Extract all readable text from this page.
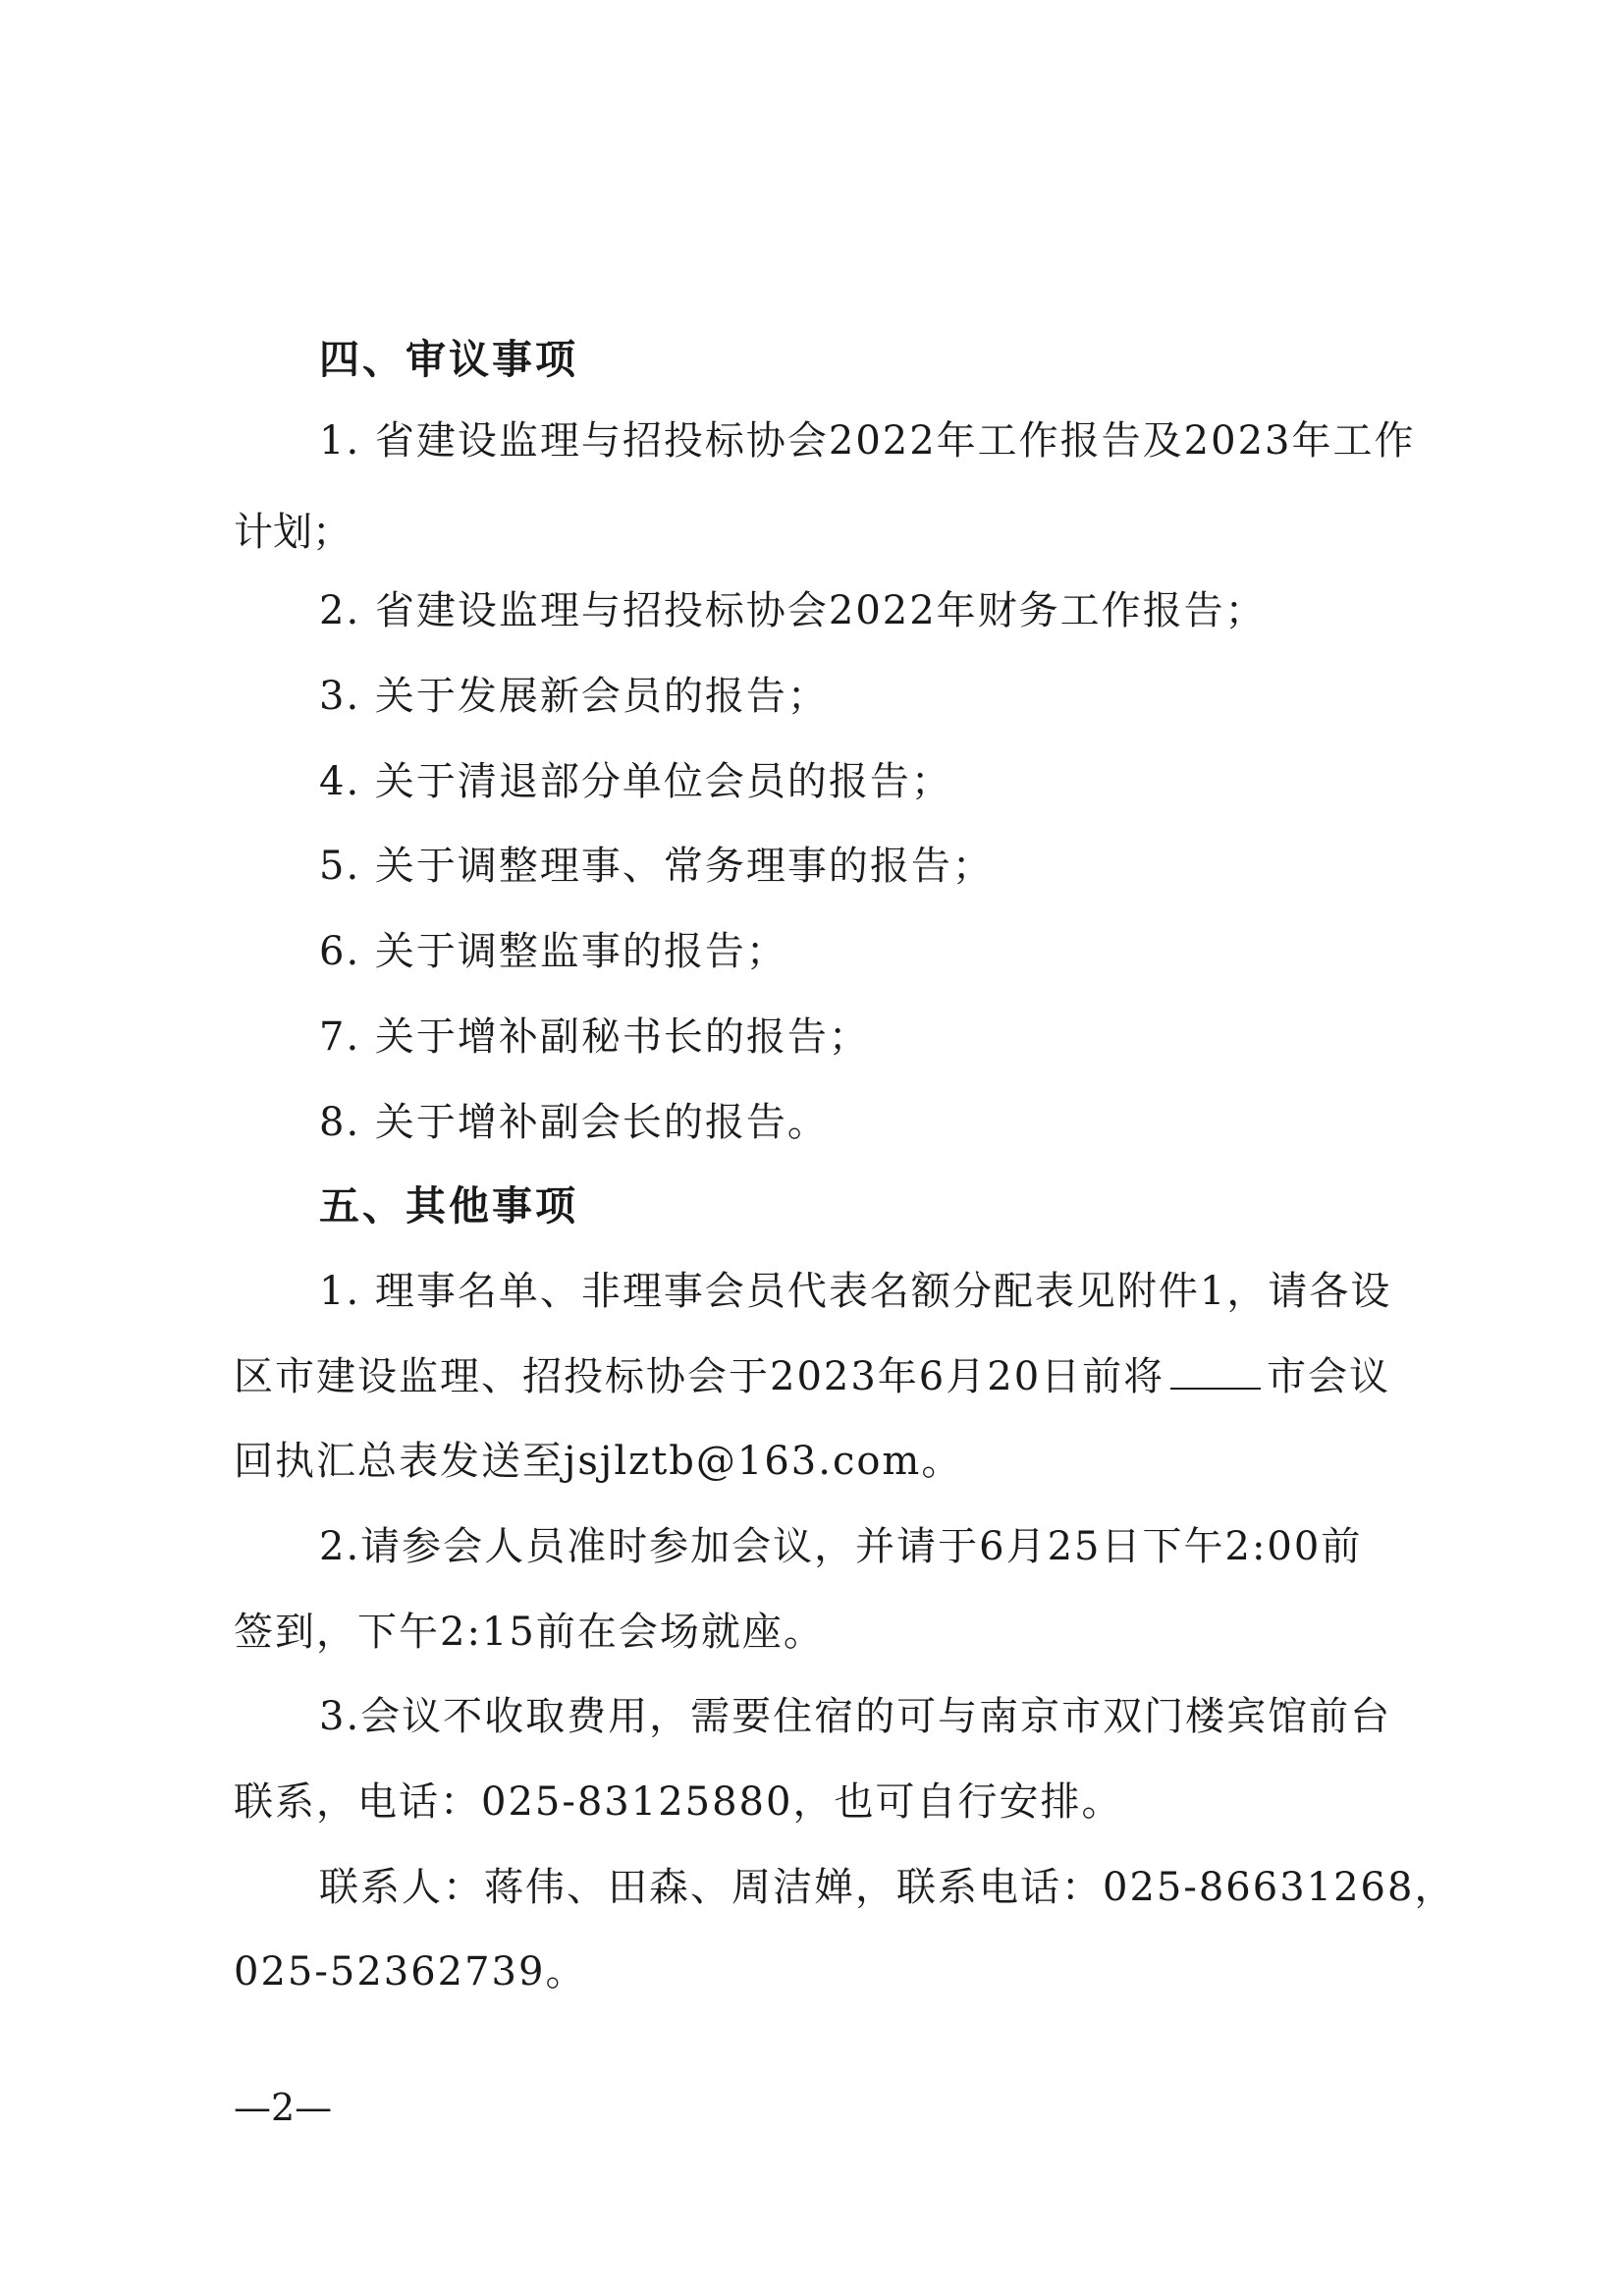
四、审议事项
1. 省建设监理与招投标协会2022年工作报告及2023年工作
计划；
2. 省建设监理与招投标协会2022年财务工作报告；
3. 关于发展新会员的报告；
4. 关于清退部分单位会员的报告；
5. 关于调整理事、常务理事的报告；
6. 关于调整监事的报告；
7. 关于增补副秘书长的报告；
8. 关于增补副会长的报告。
五、其他事项
1. 理事名单、非理事会员代表名额分配表见附件1，请各设
区市建设监理、招投标协会于2023年6月20日前将	市会议
回执汇总表发送至jsjlztb@163.com。
2.请参会人员准时参加会议，并请于6月25日下午2:00前
签到，下午2:15前在会场就座。
3.会议不收取费用，需要住宿的可与南京市双门楼宾馆前台
联系，电话：025-83125880，也可自行安排。
联系人：蒋伟、田森、周洁婵，联系电话：025-86631268，
025-52362739。
—2—
